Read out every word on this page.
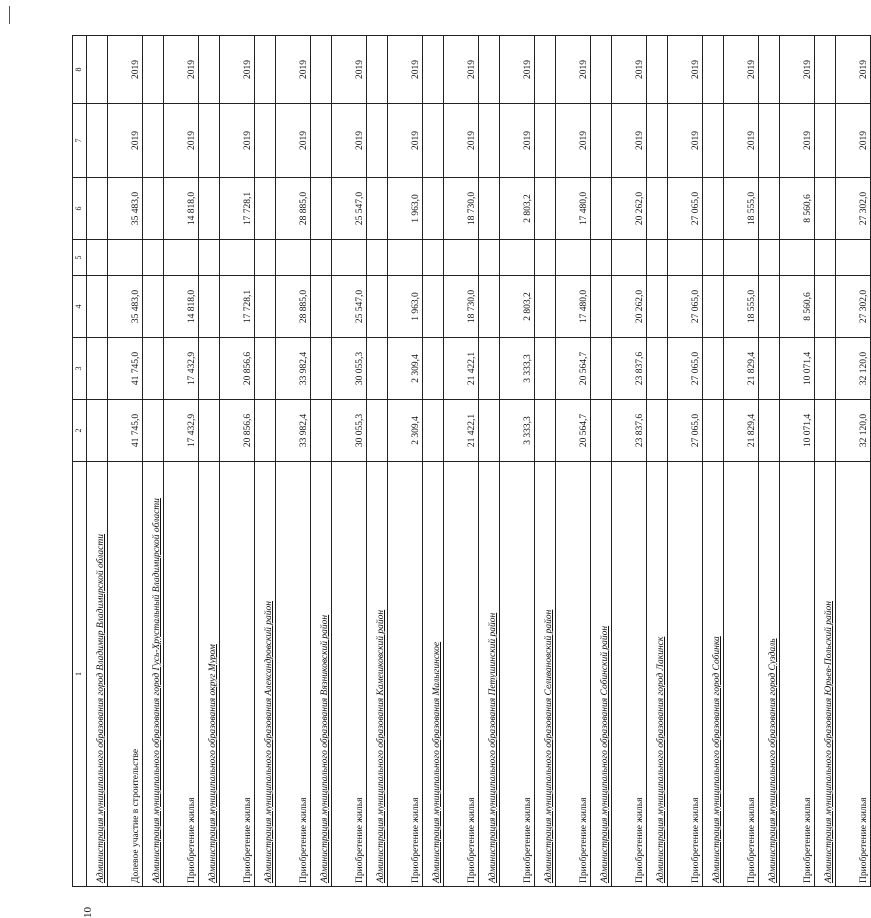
10
1	2	3	4	5	6	7	8
Администрация муниципального образования город Владимир Владимирской области							
Долевое участие в строительстве	41 745,0	41 745,0	35 483,0		35 483,0	2019	2019
Администрация муниципального образования город Гусь-Хрустальный Владимирской области							
Приобретение жилья	17 432,9	17 432,9	14 818,0		14 818,0	2019	2019
Администрация муниципального образования округ Муром							
Приобретение жилья	20 856,6	20 856,6	17 728,1		17 728,1	2019	2019
Администрация муниципального образования Александровский район							
Приобретение жилья	33 982,4	33 982,4	28 885,0		28 885,0	2019	2019
Администрация муниципального образования Вязниковский район							
Приобретение жилья	30 055,3	30 055,3	25 547,0		25 547,0	2019	2019
Администрация муниципального образования Камешковский район							
Приобретение жилья	2 309,4	2 309,4	1 963,0		1 963,0	2019	2019
Администрация муниципального образования Малыгинское							
Приобретение жилья	21 422,1	21 422,1	18 730,0		18 730,0	2019	2019
Администрация муниципального образования Петушинский район							
Приобретение жилья	3 333,3	3 333,3	2 803,2		2 803,2	2019	2019
Администрация муниципального образования Селивановский район							
Приобретение жилья	20 564,7	20 564,7	17 480,0		17 480,0	2019	2019
Администрация муниципального образования Собинский район							
Приобретение жилья	23 837,6	23 837,6	20 262,0		20 262,0	2019	2019
Администрация муниципального образования город Лакинск							
Приобретение жилья	27 065,0	27 065,0	27 065,0		27 065,0	2019	2019
Администрация муниципального образования город Собинка							
Приобретение жилья	21 829,4	21 829,4	18 555,0		18 555,0	2019	2019
Администрация муниципального образования город Суздаль							
Приобретение жилья	10 071,4	10 071,4	8 560,6		8 560,6	2019	2019
Администрация муниципального образования Юрьев-Польский район							
Приобретение жилья	32 120,0	32 120,0	27 302,0		27 302,0	2019	2019
